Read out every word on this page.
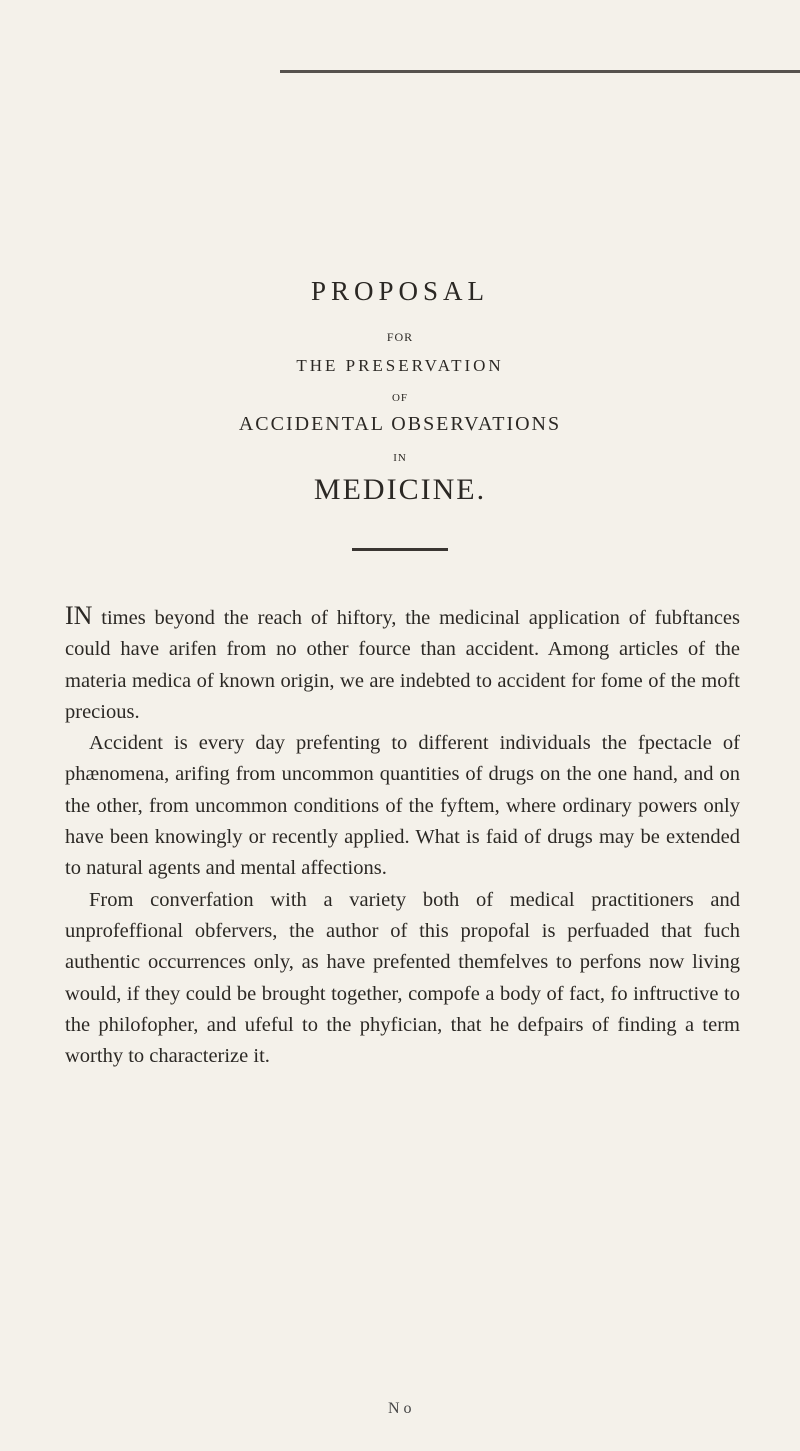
PROPOSAL
FOR
THE PRESERVATION
OF
ACCIDENTAL OBSERVATIONS
IN
MEDICINE.

IN times beyond the reach of hiftory, the medicinal application of fubftances could have arifen from no other fource than accident. Among articles of the materia medica of known origin, we are indebted to accident for fome of the moft precious.

Accident is every day prefenting to different individuals the fpectacle of phænomena, arifing from uncommon quantities of drugs on the one hand, and on the other, from uncommon conditions of the fyftem, where ordinary powers only have been knowingly or recently applied. What is faid of drugs may be extended to natural agents and mental affections.

From converfation with a variety both of medical practitioners and unprofeffional obfervers, the author of this propofal is perfuaded that fuch authentic occurrences only, as have prefented themfelves to perfons now living would, if they could be brought together, compofe a body of fact, fo inftructive to the philofopher, and ufeful to the phyfician, that he defpairs of finding a term worthy to characterize it.

N o
